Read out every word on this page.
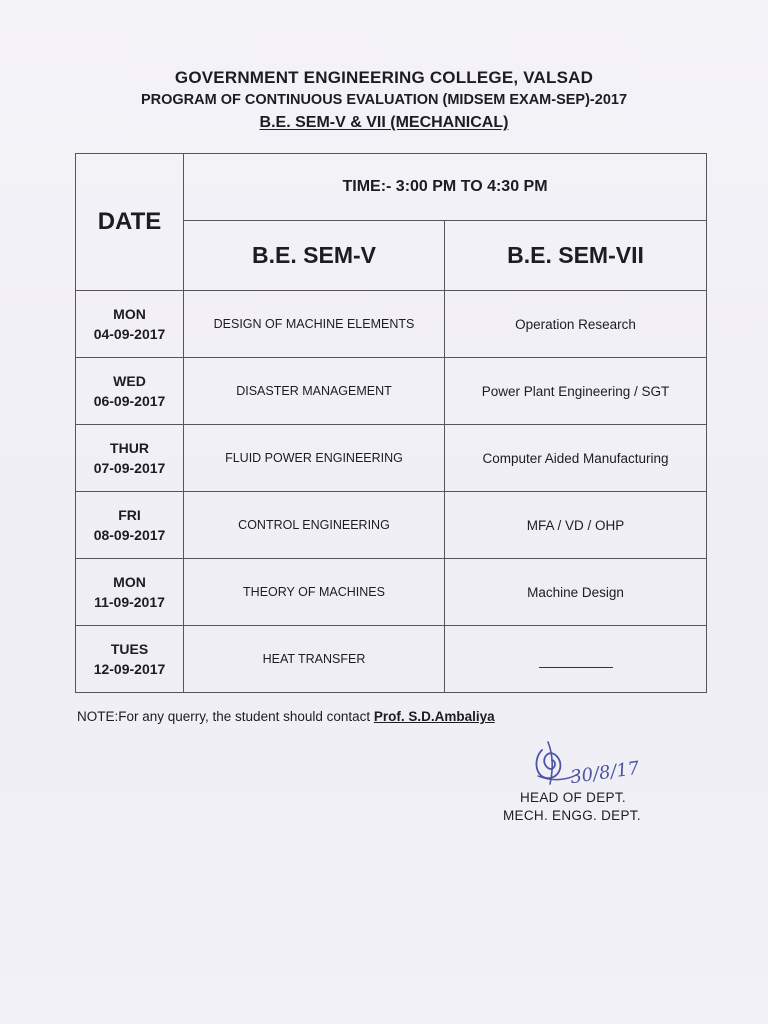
GOVERNMENT ENGINEERING COLLEGE, VALSAD
PROGRAM OF CONTINUOUS EVALUATION (MIDSEM EXAM-SEP)-2017
B.E. SEM-V & VII (MECHANICAL)
DATE	TIME:- 3:00 PM TO 4:30 PM	
	B.E. SEM-V	B.E. SEM-VII

MON
04-09-2017	DESIGN OF MACHINE ELEMENTS	Operation Research

WED
06-09-2017	DISASTER MANAGEMENT	Power Plant Engineering / SGT

THUR
07-09-2017	FLUID POWER ENGINEERING	Computer Aided Manufacturing

FRI
08-09-2017	CONTROL ENGINEERING	MFA / VD / OHP

MON
11-09-2017	THEORY OF MACHINES	Machine Design

TUES
12-09-2017	HEAT TRANSFER	
NOTE:For any querry, the student should contact Prof. S.D.Ambaliya
30/8/17
HEAD OF DEPT.
MECH. ENGG. DEPT.
